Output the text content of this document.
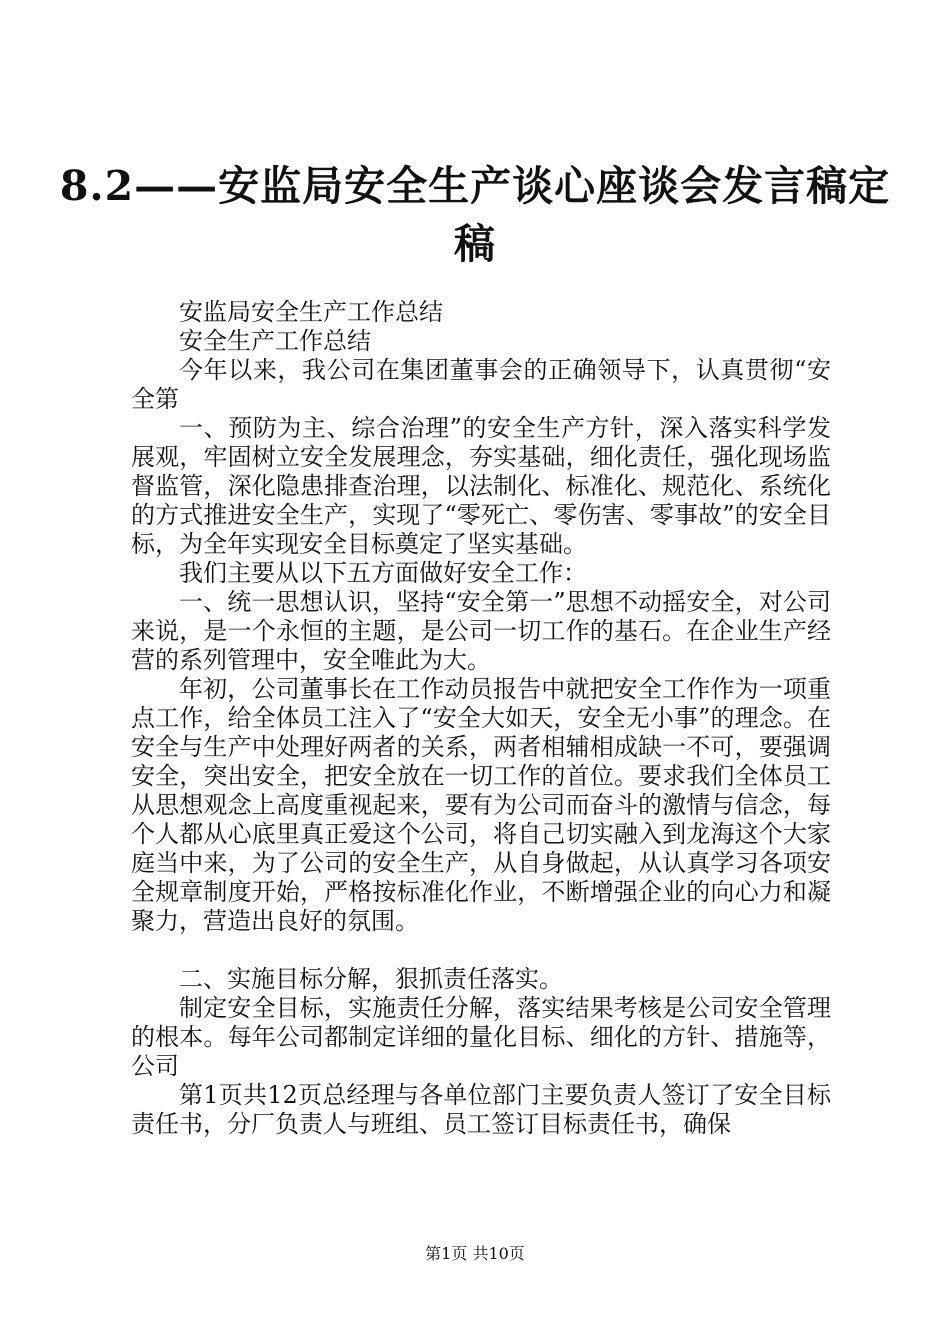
8.2——安监局安全生产谈心座谈会发言稿定
稿

安监局安全生产工作总结

安全生产工作总结

今年以来，我公司在集团董事会的正确领导下，认真贯彻“安全第

一、预防为主、综合治理”的安全生产方针，深入落实科学发展观，牢固树立安全发展理念，夯实基础，细化责任，强化现场监督监管，深化隐患排查治理，以法制化、标准化、规范化、系统化的方式推进安全生产，实现了“零死亡、零伤害、零事故”的安全目标，为全年实现安全目标奠定了坚实基础。

我们主要从以下五方面做好安全工作：

一、统一思想认识，坚持“安全第一”思想不动摇安全，对公司来说，是一个永恒的主题，是公司一切工作的基石。在企业生产经营的系列管理中，安全唯此为大。

年初，公司董事长在工作动员报告中就把安全工作作为一项重点工作，给全体员工注入了“安全大如天，安全无小事”的理念。在安全与生产中处理好两者的关系，两者相辅相成缺一不可，要强调安全，突出安全，把安全放在一切工作的首位。要求我们全体员工从思想观念上高度重视起来，要有为公司而奋斗的激情与信念，每个人都从心底里真正爱这个公司，将自己切实融入到龙海这个大家庭当中来，为了公司的安全生产，从自身做起，从认真学习各项安全规章制度开始，严格按标准化作业，不断增强企业的向心力和凝聚力，营造出良好的氛围。

二、实施目标分解，狠抓责任落实。

制定安全目标，实施责任分解，落实结果考核是公司安全管理的根本。每年公司都制定详细的量化目标、细化的方针、措施等，公司

第1页共12页总经理与各单位部门主要负责人签订了安全目标责任书，分厂负责人与班组、员工签订目标责任书，确保

第1页 共10页
